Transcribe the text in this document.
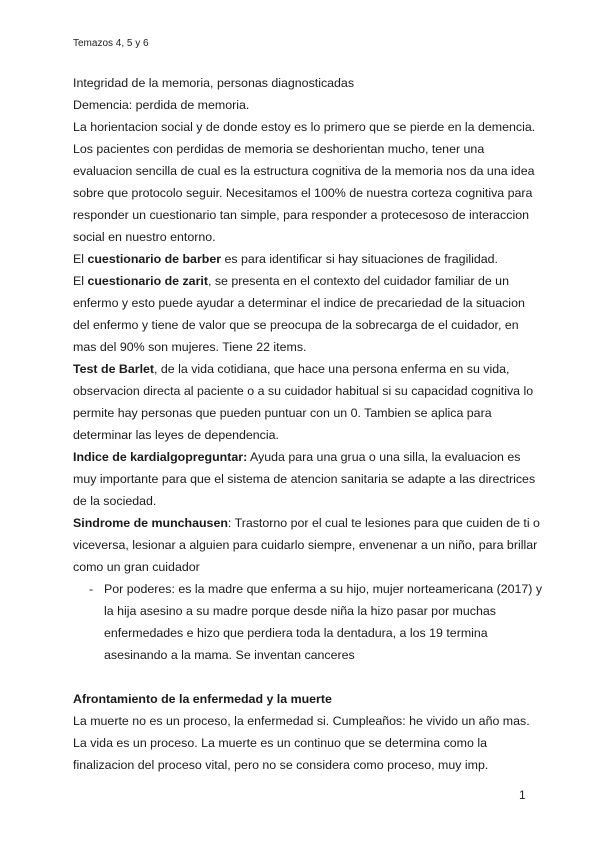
Temazos 4, 5 y 6

Integridad de la memoria, personas diagnosticadas

Demencia: perdida de memoria.

La horientacion social y de donde estoy es lo primero que se pierde en la demencia.

Los pacientes con perdidas de memoria se deshorientan mucho, tener una evaluacion sencilla de cual es la estructura cognitiva de la memoria nos da una idea sobre que protocolo seguir. Necesitamos el 100% de nuestra corteza cognitiva para responder un cuestionario tan simple, para responder a protecesoso de interaccion social en nuestro entorno.

El cuestionario de barber es para identificar si hay situaciones de fragilidad.

El cuestionario de zarit, se presenta en el contexto del cuidador familiar de un enfermo y esto puede ayudar a determinar el indice de precariedad de la situacion del enfermo y tiene de valor que se preocupa de la sobrecarga de el cuidador, en mas del 90% son mujeres. Tiene 22 items.

Test de Barlet, de la vida cotidiana, que hace una persona enferma en su vida, observacion directa al paciente o a su cuidador habitual si su capacidad cognitiva lo permite hay personas que pueden puntuar con un 0. Tambien se aplica para determinar las leyes de dependencia.

Indice de kardialgopreguntar: Ayuda para una grua o una silla, la evaluacion es muy importante para que el sistema de atencion sanitaria se adapte a las directrices de la sociedad.

Sindrome de munchausen: Trastorno por el cual te lesiones para que cuiden de ti o viceversa, lesionar a alguien para cuidarlo siempre, envenenar a un niño, para brillar como un gran cuidador

- Por poderes: es la madre que enferma a su hijo, mujer norteamericana (2017) y la hija asesino a su madre porque desde niña la hizo pasar por muchas enfermedades e hizo que perdiera toda la dentadura, a los 19 termina asesinando a la mama. Se inventan canceres

Afrontamiento de la enfermedad y la muerte

La muerte no es un proceso, la enfermedad si. Cumpleaños: he vivido un año mas. La vida es un proceso. La muerte es un continuo que se determina como la finalizacion del proceso vital, pero no se considera como proceso, muy imp.

1
